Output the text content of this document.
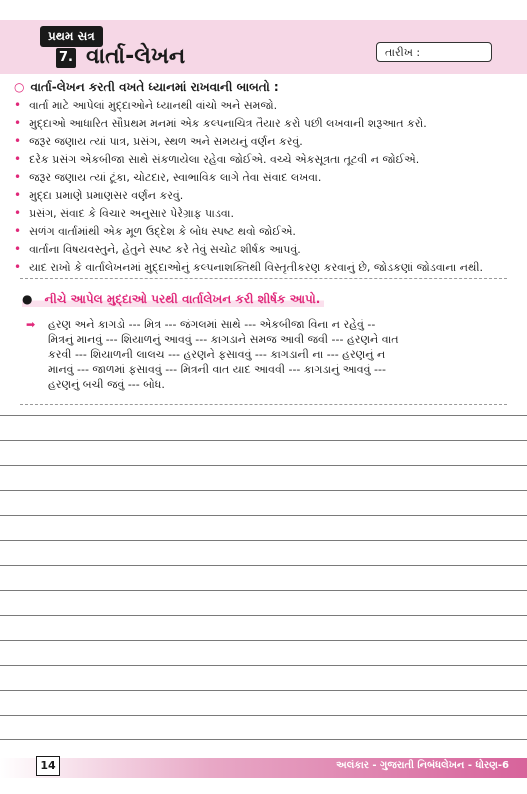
પ્રથમ સત્ર
7. વાર્તા-લેખન	તારીખ :
○ વાર્તા-લેખન કરતી વખતે ધ્યાનમાં રાખવાની બાબતો :
• વાર્તા માટે આપેલાં મુદ્દાઓને ધ્યાનથી વાંચો અને સમજો.
• મુદ્દાઓ આધારિત સૌપ્રથમ મનમાં એક કલ્પનાચિત્ર તૈયાર કરો પછી લખવાની શરૂઆત કરો.
• જરૂર જણાય ત્યાં પાત્ર, પ્રસંગ, સ્થળ અને સમયનું વર્ણન કરવું.
• દરેક પ્રસંગ એકબીજા સાથે સંકળાયેલા રહેવા જોઈએ. વચ્ચે એકસૂત્રતા તૂટવી ન જોઈએ.
• જરૂર જણાય ત્યાં ટૂંકા, ચોટદાર, સ્વાભાવિક લાગે તેવા સંવાદ લખવા.
• મુદ્દા પ્રમાણે પ્રમાણસર વર્ણન કરવું.
• પ્રસંગ, સંવાદ કે વિચાર અનુસાર પેરેગ્રાફ પાડવા.
• સળંગ વાર્તામાંથી એક મૂળ ઉદ્દેશ કે બોધ સ્પષ્ટ થવો જોઈએ.
• વાર્તાના વિષયવસ્તુને, હેતુને સ્પષ્ટ કરે તેવું સચોટ શીર્ષક આપવું.
• યાદ રાખો કે વાર્તાલેખનમાં મુદ્દાઓનું કલ્પનાશક્તિથી વિસ્તૃતીકરણ કરવાનું છે, જોડકણાં જોડવાના નથી.
● નીચે આપેલ મુદ્દાઓ પરથી વાર્તાલેખન કરી શીર્ષક આપો.
➡ હરણ અને કાગડો --- મિત્ર --- જંગલમાં સાથે --- એકબીજા વિના ન રહેવું --
મિત્રનું માનવું --- શિયાળનું આવવું --- કાગડાને સમજ આવી જવી --- હરણને વાત
કરવી --- શિયાળની લાલચ --- હરણને ફસાવવું --- કાગડાની ના --- હરણનું ન
માનવું --- જાળમાં ફસાવવું --- મિત્રની વાત યાદ આવવી --- કાગડાનું આવવું ---
હરણનું બચી જવું --- બોધ.
14	અલંકાર - ગુજરાતી નિબંધલેખન - ધોરણ-6
